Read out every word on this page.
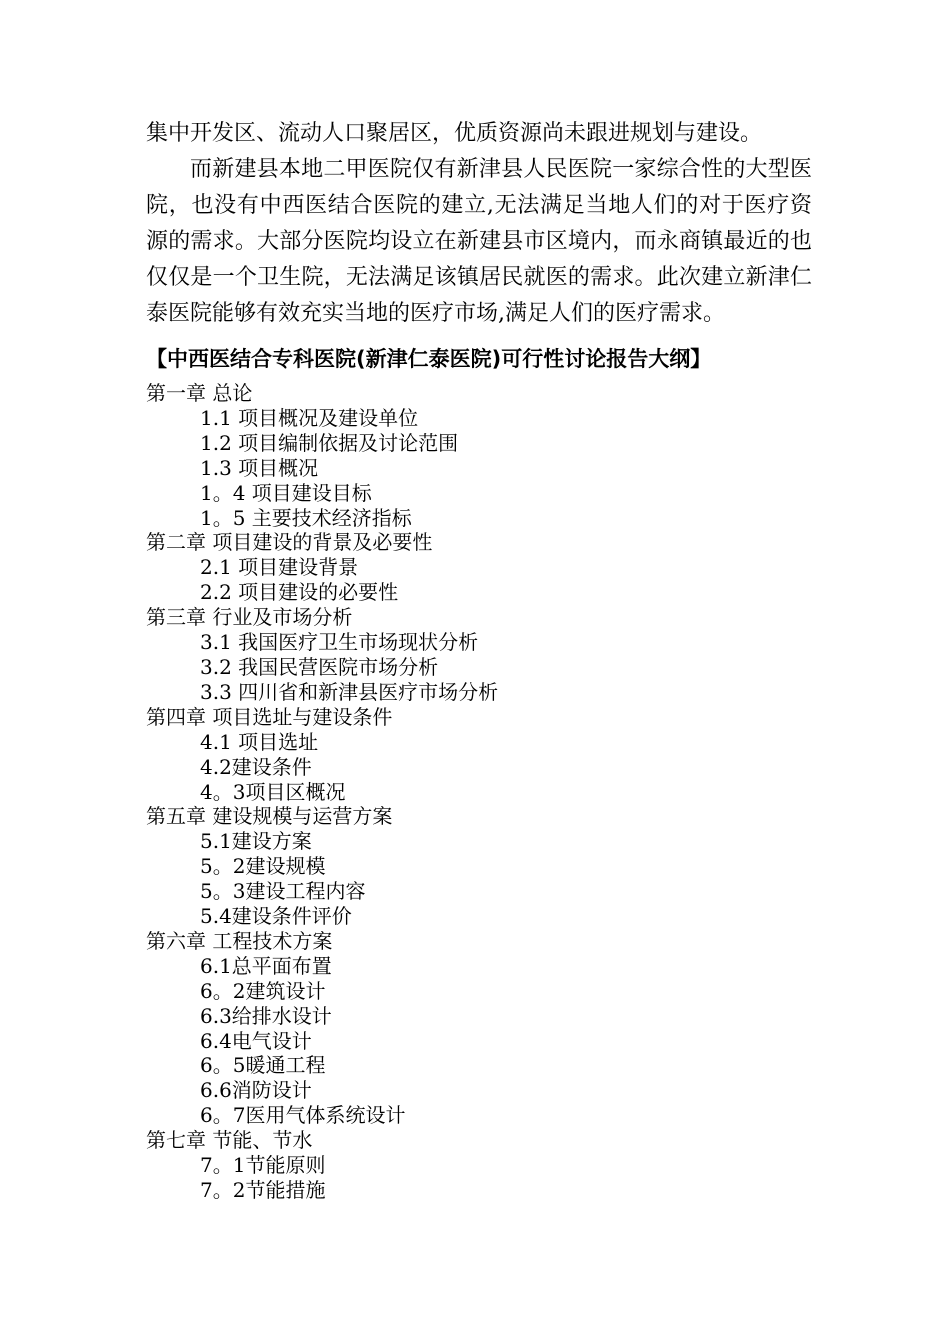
集中开发区、流动人口聚居区，优质资源尚未跟进规划与建设。

而新建县本地二甲医院仅有新津县人民医院一家综合性的大型医院，也没有中西医结合医院的建立,无法满足当地人们的对于医疗资源的需求。大部分医院均设立在新建县市区境内，而永商镇最近的也仅仅是一个卫生院，无法满足该镇居民就医的需求。此次建立新津仁泰医院能够有效充实当地的医疗市场,满足人们的医疗需求。

【中西医结合专科医院(新津仁泰医院)可行性讨论报告大纲】
第一章 总论
1.1 项目概况及建设单位
1.2 项目编制依据及讨论范围
1.3 项目概况
1。4 项目建设目标
1。5 主要技术经济指标
第二章 项目建设的背景及必要性
2.1 项目建设背景
2.2 项目建设的必要性
第三章 行业及市场分析
3.1 我国医疗卫生市场现状分析
3.2 我国民营医院市场分析
3.3 四川省和新津县医疗市场分析
第四章 项目选址与建设条件
4.1 项目选址
4.2建设条件
4。3项目区概况
第五章 建设规模与运营方案
5.1建设方案
5。2建设规模
5。3建设工程内容
5.4建设条件评价
第六章 工程技术方案
6.1总平面布置
6。2建筑设计
6.3给排水设计
6.4电气设计
6。5暖通工程
6.6消防设计
6。7医用气体系统设计
第七章 节能、节水
7。1节能原则
7。2节能措施
